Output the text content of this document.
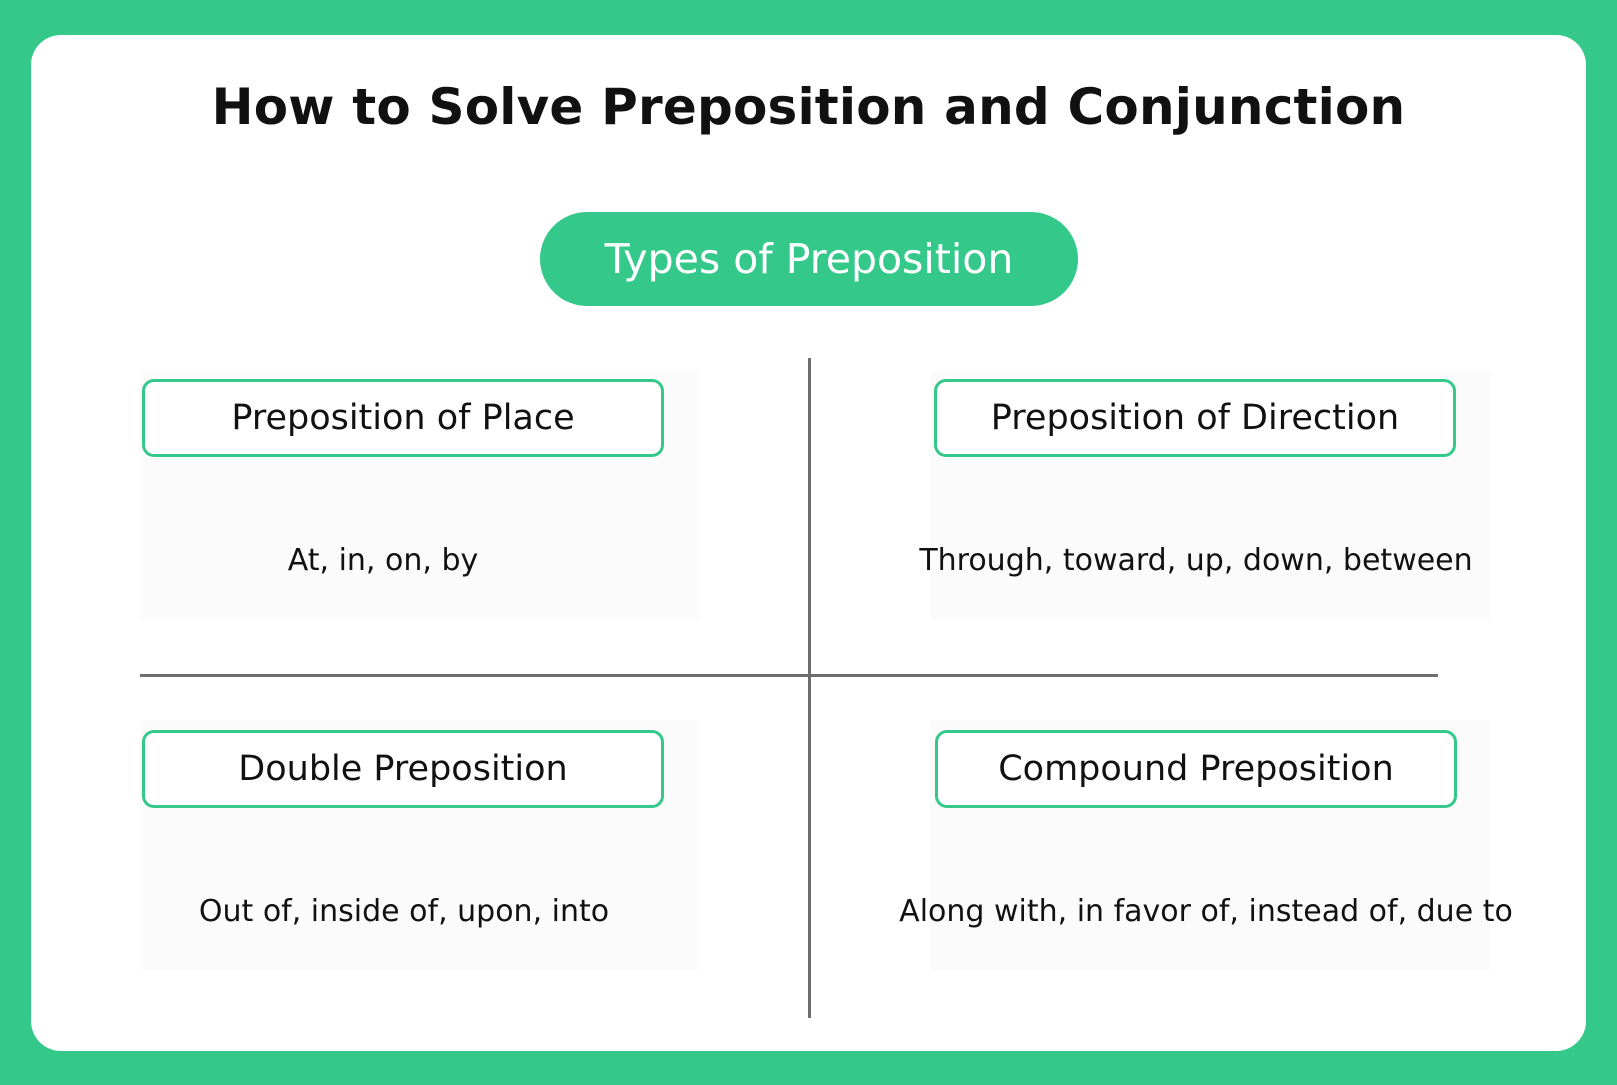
How to Solve Preposition and Conjunction
Types of Preposition
Preposition of Place
At, in, on, by
Preposition of Direction
Through, toward, up, down, between
Double Preposition
Out of, inside of, upon, into
Compound Preposition
Along with, in favor of, instead of, due to
